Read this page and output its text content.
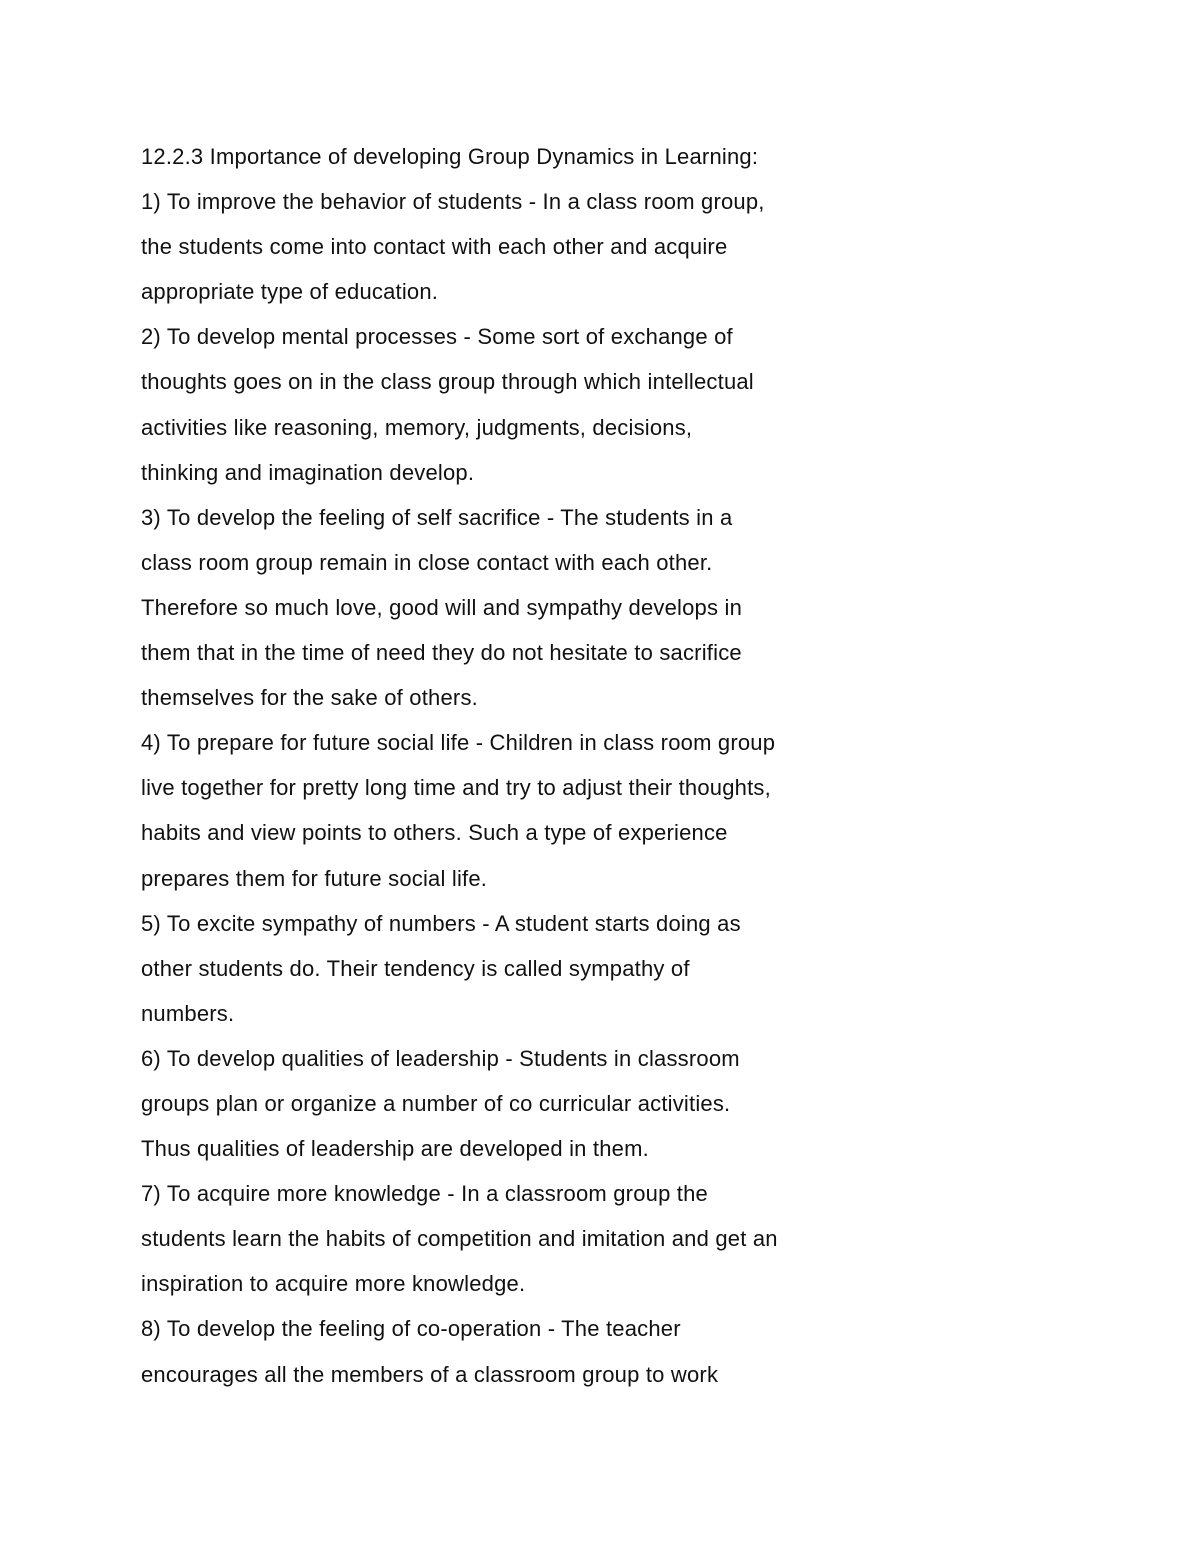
12.2.3 Importance of developing Group Dynamics in Learning:
1) To improve the behavior of students - In a class room group,
the students come into contact with each other and acquire
appropriate type of education.
2) To develop mental processes - Some sort of exchange of
thoughts goes on in the class group through which intellectual
activities like reasoning, memory, judgments, decisions,
thinking and imagination develop.
3) To develop the feeling of self sacrifice - The students in a
class room group remain in close contact with each other.
Therefore so much love, good will and sympathy develops in
them that in the time of need they do not hesitate to sacrifice
themselves for the sake of others.
4) To prepare for future social life - Children in class room group
live together for pretty long time and try to adjust their thoughts,
habits and view points to others. Such a type of experience
prepares them for future social life.
5) To excite sympathy of numbers - A student starts doing as
other students do. Their tendency is called sympathy of
numbers.
6) To develop qualities of leadership - Students in classroom
groups plan or organize a number of co curricular activities.
Thus qualities of leadership are developed in them.
7) To acquire more knowledge - In a classroom group the
students learn the habits of competition and imitation and get an
inspiration to acquire more knowledge.
8) To develop the feeling of co-operation - The teacher
encourages all the members of a classroom group to work
